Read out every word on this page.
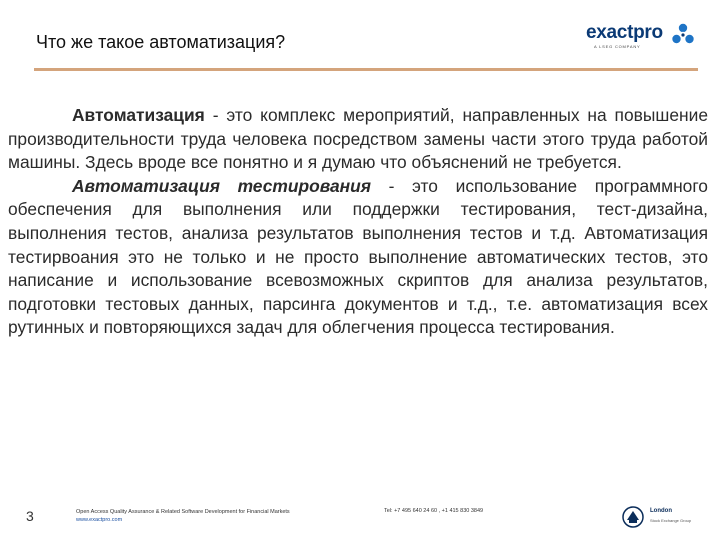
Что же такое автоматизация?	exactpro
A LSEG COMPANY

Автоматизация - это комплекс мероприятий, направленных на повышение производительности труда человека посредством замены части этого труда работой машины. Здесь вроде все понятно и я думаю что объяснений не требуется.

Автоматизация тестирования - это использование программного обеспечения для выполнения или поддержки тестирования, тест-дизайна, выполнения тестов, анализа результатов выполнения тестов и т.д. Автоматизация тестирвоания это не только и не просто выполнение автоматических тестов, это написание и использование всевозможных скриптов для анализа результатов, подготовки тестовых данных, парсинга документов и т.д., т.е. автоматизация всех рутинных и повторяющихся задач для облегчения процесса тестирования.

3	Open Access Quality Assurance & Related Software Development for Financial Markets
www.exactpro.com
Tel: +7 495 640 24 60 , +1 415 830 3849	London
Stock Exchange Group
